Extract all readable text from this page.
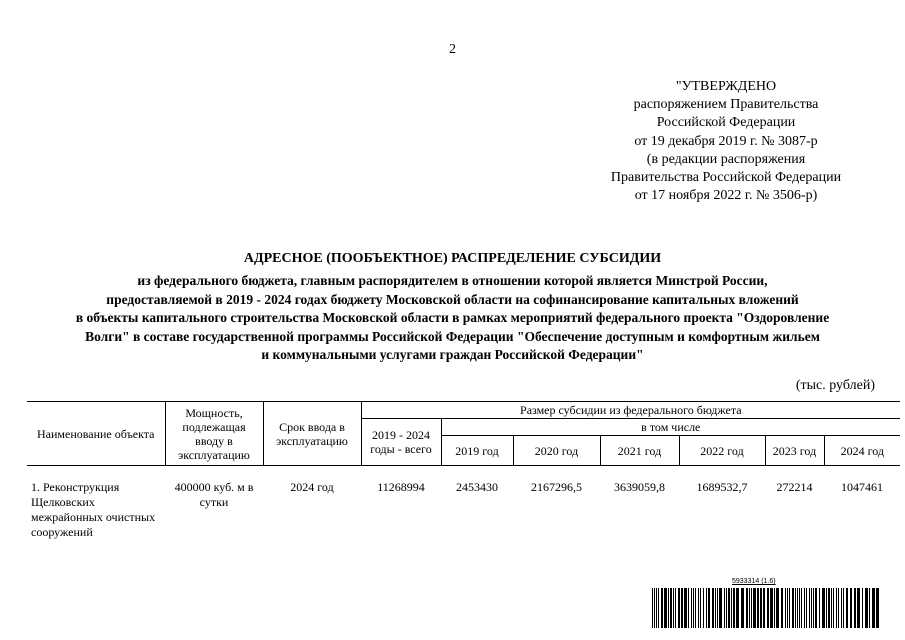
2
"УТВЕРЖДЕНО
распоряжением Правительства
Российской Федерации
от 19 декабря 2019 г. № 3087-р
(в редакции распоряжения
Правительства Российской Федерации
от 17 ноября 2022 г. № 3506-р)
АДРЕСНОЕ (ПООБЪЕКТНОЕ) РАСПРЕДЕЛЕНИЕ СУБСИДИИ
из федерального бюджета, главным распорядителем в отношении которой является Минстрой России,
предоставляемой в 2019 - 2024 годах бюджету Московской области на софинансирование капитальных вложений
в объекты капитального строительства Московской области в рамках мероприятий федерального проекта "Оздоровление
Волги" в составе государственной программы Российской Федерации "Обеспечение доступным и комфортным жильем
и коммунальными услугами граждан Российской Федерации"
(тыс. рублей)
Наименование объекта	Мощность, подлежащая вводу в эксплуатацию	Срок ввода в эксплуатацию	Размер субсидии из федерального бюджета						
			2019 - 2024 годы - всего	в том числе					
				2019 год	2020 год	2021 год	2022 год	2023 год	2024 год
1. Реконструкция Щелковских межрайонных очистных сооружений	400000 куб. м в сутки	2024 год	11268994	2453430	2167296,5	3639059,8	1689532,7	272214	1047461
5933314 (1.6)
